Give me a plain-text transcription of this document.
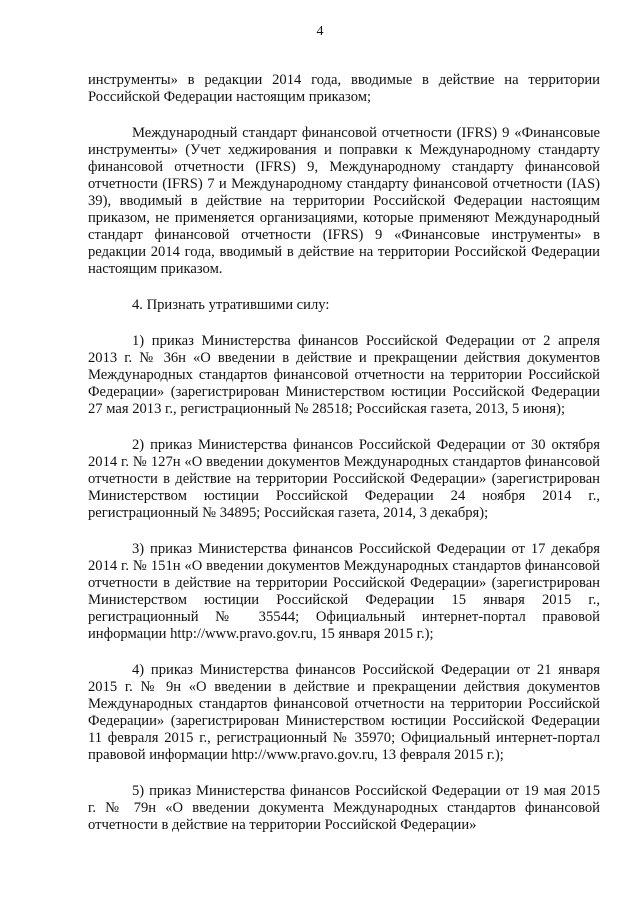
4

инструменты» в редакции 2014 года, вводимые в действие на территории Российской Федерации настоящим приказом;

Международный стандарт финансовой отчетности (IFRS) 9 «Финансовые инструменты» (Учет хеджирования и поправки к Международному стандарту финансовой отчетности (IFRS) 9, Международному стандарту финансовой отчетности (IFRS) 7 и Международному стандарту финансовой отчетности (IAS) 39), вводимый в действие на территории Российской Федерации настоящим приказом, не применяется организациями, которые применяют Международный стандарт финансовой отчетности (IFRS) 9 «Финансовые инструменты» в редакции 2014 года, вводимый в действие на территории Российской Федерации настоящим приказом.

4. Признать утратившими силу:

1) приказ Министерства финансов Российской Федерации от 2 апреля 2013 г. № 36н «О введении в действие и прекращении действия документов Международных стандартов финансовой отчетности на территории Российской Федерации» (зарегистрирован Министерством юстиции Российской Федерации 27 мая 2013 г., регистрационный № 28518; Российская газета, 2013, 5 июня);

2) приказ Министерства финансов Российской Федерации от 30 октября 2014 г. № 127н «О введении документов Международных стандартов финансовой отчетности в действие на территории Российской Федерации» (зарегистрирован Министерством юстиции Российской Федерации 24 ноября 2014 г., регистрационный № 34895; Российская газета, 2014, 3 декабря);

3) приказ Министерства финансов Российской Федерации от 17 декабря 2014 г. № 151н «О введении документов Международных стандартов финансовой отчетности в действие на территории Российской Федерации» (зарегистрирован Министерством юстиции Российской Федерации 15 января 2015 г., регистрационный № 35544; Официальный интернет-портал правовой информации http://www.pravo.gov.ru, 15 января 2015 г.);

4) приказ Министерства финансов Российской Федерации от 21 января 2015 г. № 9н «О введении в действие и прекращении действия документов Международных стандартов финансовой отчетности на территории Российской Федерации» (зарегистрирован Министерством юстиции Российской Федерации 11 февраля 2015 г., регистрационный № 35970; Официальный интернет-портал правовой информации http://www.pravo.gov.ru, 13 февраля 2015 г.);

5) приказ Министерства финансов Российской Федерации от 19 мая 2015 г. № 79н «О введении документа Международных стандартов финансовой отчетности в действие на территории Российской Федерации»
